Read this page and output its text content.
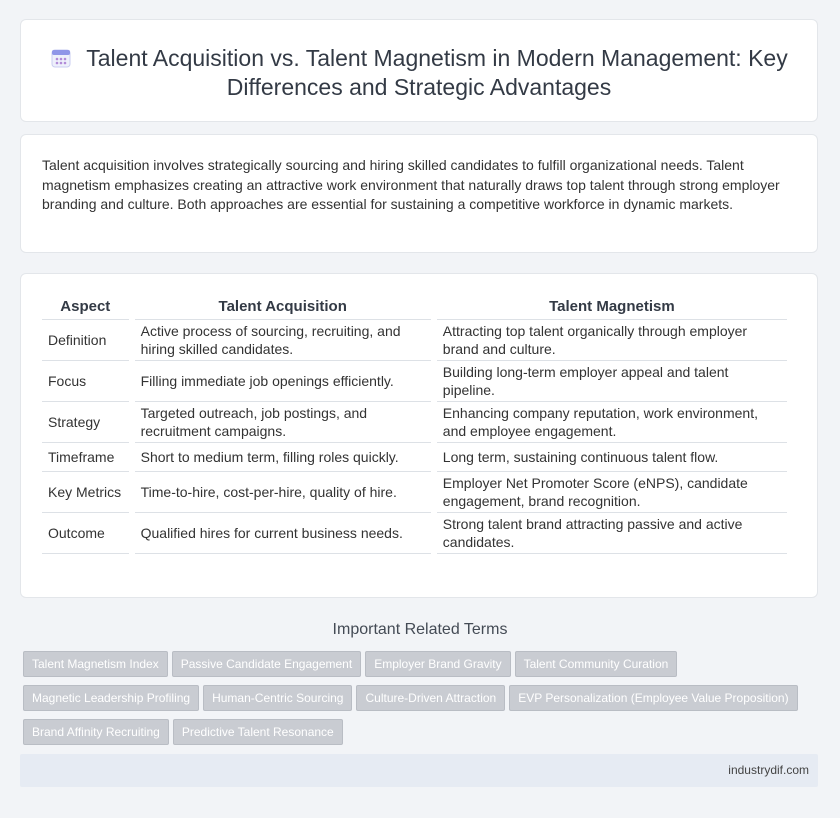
Talent Acquisition vs. Talent Magnetism in Modern Management: Key Differences and Strategic Advantages

Talent acquisition involves strategically sourcing and hiring skilled candidates to fulfill organizational needs. Talent magnetism emphasizes creating an attractive work environment that naturally draws top talent through strong employer branding and culture. Both approaches are essential for sustaining a competitive workforce in dynamic markets.

Aspect	Talent Acquisition	Talent Magnetism
Definition	Active process of sourcing, recruiting, and hiring skilled candidates.	Attracting top talent organically through employer brand and culture.
Focus	Filling immediate job openings efficiently.	Building long-term employer appeal and talent pipeline.
Strategy	Targeted outreach, job postings, and recruitment campaigns.	Enhancing company reputation, work environment, and employee engagement.
Timeframe	Short to medium term, filling roles quickly.	Long term, sustaining continuous talent flow.
Key Metrics	Time-to-hire, cost-per-hire, quality of hire.	Employer Net Promoter Score (eNPS), candidate engagement, brand recognition.
Outcome	Qualified hires for current business needs.	Strong talent brand attracting passive and active candidates.
Important Related Terms
Talent Magnetism Index Passive Candidate Engagement Employer Brand Gravity Talent Community Curation
Magnetic Leadership Profiling Human-Centric Sourcing Culture-Driven Attraction EVP Personalization (Employee Value Proposition)
Brand Affinity Recruiting Predictive Talent Resonance
industrydif.com
